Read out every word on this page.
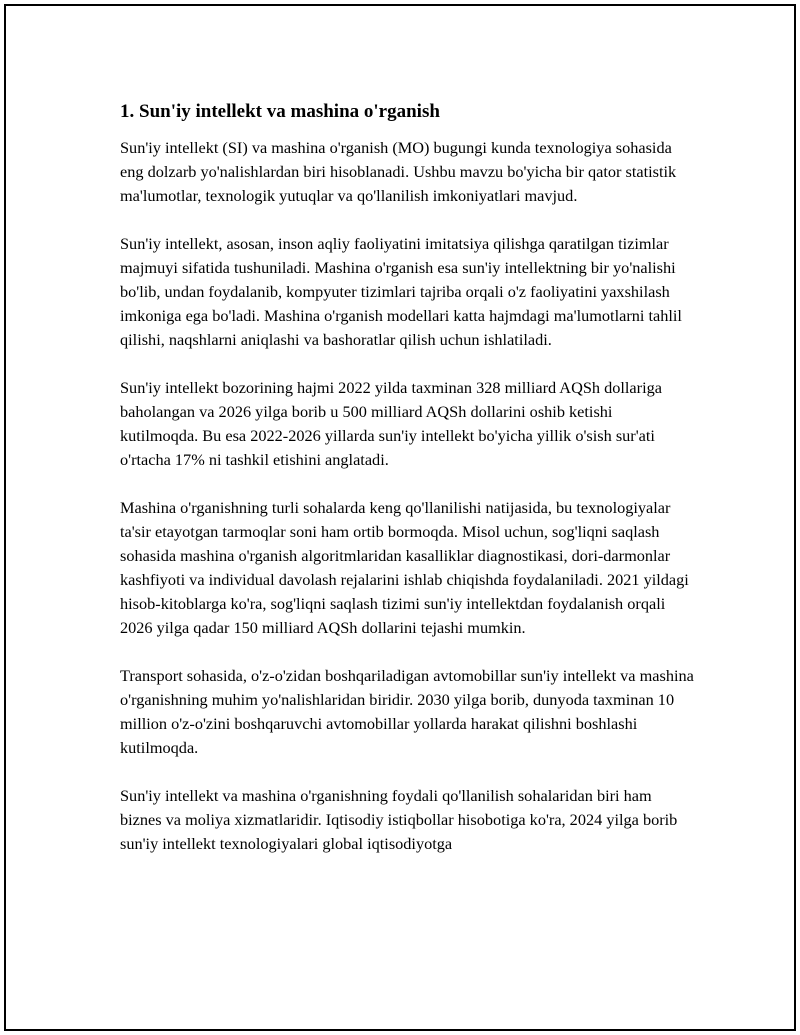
1. Sun'iy intellekt va mashina o'rganish

Sun'iy intellekt (SI) va mashina o'rganish (MO) bugungi kunda texnologiya sohasida eng dolzarb yo'nalishlardan biri hisoblanadi. Ushbu mavzu bo'yicha bir qator statistik ma'lumotlar, texnologik yutuqlar va qo'llanilish imkoniyatlari mavjud.

Sun'iy intellekt, asosan, inson aqliy faoliyatini imitatsiya qilishga qaratilgan tizimlar majmuyi sifatida tushuniladi. Mashina o'rganish esa sun'iy intellektning bir yo'nalishi bo'lib, undan foydalanib, kompyuter tizimlari tajriba orqali o'z faoliyatini yaxshilash imkoniga ega bo'ladi. Mashina o'rganish modellari katta hajmdagi ma'lumotlarni tahlil qilishi, naqshlarni aniqlashi va bashoratlar qilish uchun ishlatiladi.

Sun'iy intellekt bozorining hajmi 2022 yilda taxminan 328 milliard AQSh dollariga baholangan va 2026 yilga borib u 500 milliard AQSh dollarini oshib ketishi kutilmoqda. Bu esa 2022-2026 yillarda sun'iy intellekt bo'yicha yillik o'sish sur'ati o'rtacha 17% ni tashkil etishini anglatadi.

Mashina o'rganishning turli sohalarda keng qo'llanilishi natijasida, bu texnologiyalar ta'sir etayotgan tarmoqlar soni ham ortib bormoqda. Misol uchun, sog'liqni saqlash sohasida mashina o'rganish algoritmlaridan kasalliklar diagnostikasi, dori-darmonlar kashfiyoti va individual davolash rejalarini ishlab chiqishda foydalaniladi. 2021 yildagi hisob-kitoblarga ko'ra, sog'liqni saqlash tizimi sun'iy intellektdan foydalanish orqali 2026 yilga qadar 150 milliard AQSh dollarini tejashi mumkin.

Transport sohasida, o'z-o'zidan boshqariladigan avtomobillar sun'iy intellekt va mashina o'rganishning muhim yo'nalishlaridan biridir. 2030 yilga borib, dunyoda taxminan 10 million o'z-o'zini boshqaruvchi avtomobillar yollarda harakat qilishni boshlashi kutilmoqda.

Sun'iy intellekt va mashina o'rganishning foydali qo'llanilish sohalaridan biri ham biznes va moliya xizmatlaridir. Iqtisodiy istiqbollar hisobotiga ko'ra, 2024 yilga borib sun'iy intellekt texnologiyalari global iqtisodiyotga
